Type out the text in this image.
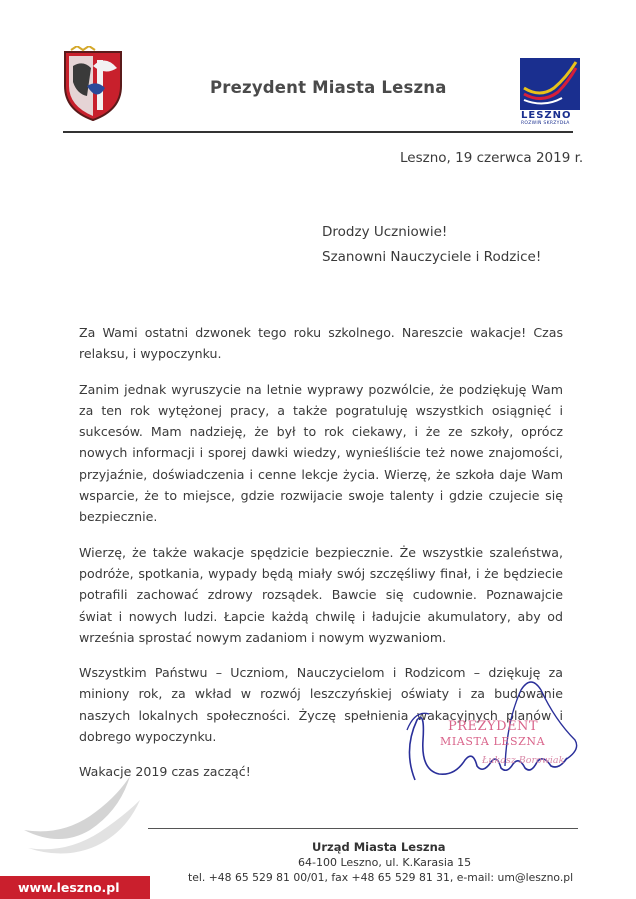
Prezydent Miasta Leszna
LESZNO
ROZWIŃ SKRZYDŁA
Leszno, 19 czerwca 2019 r.
Drodzy Uczniowie!
Szanowni Nauczyciele i Rodzice!

Za Wami ostatni dzwonek tego roku szkolnego. Nareszcie wakacje! Czas relaksu, i wypoczynku.

Zanim jednak wyruszycie na letnie wyprawy pozwólcie, że podziękuję Wam za ten rok wytężonej pracy, a także pogratuluję wszystkich osiągnięć i sukcesów. Mam nadzieję, że był to rok ciekawy, i że ze szkoły, oprócz nowych informacji i sporej dawki wiedzy, wynieśliście też nowe znajomości, przyjaźnie, doświadczenia i cenne lekcje życia. Wierzę, że szkoła daje Wam wsparcie, że to miejsce, gdzie rozwijacie swoje talenty i gdzie czujecie się bezpiecznie.

Wierzę, że także wakacje spędzicie bezpiecznie. Że wszystkie szaleństwa, podróże, spotkania, wypady będą miały swój szczęśliwy finał, i że będziecie potrafili zachować zdrowy rozsądek. Bawcie się cudownie. Poznawajcie świat i nowych ludzi. Łapcie każdą chwilę i ładujcie akumulatory, aby od września sprostać nowym zadaniom i nowym wyzwaniom.

Wszystkim Państwu – Uczniom, Nauczycielom i Rodzicom – dziękuję za miniony rok, za wkład w rozwój leszczyńskiej oświaty i za budowanie naszych lokalnych społeczności. Życzę spełnienia wakacyjnych planów i dobrego wypoczynku.

Wakacje 2019 czas zacząć!

PREZYDENT
MIASTA LESZNA
Łukasz Borowiak
Urząd Miasta Leszna
64-100 Leszno, ul. K.Karasia 15
tel. +48 65 529 81 00/01, fax +48 65 529 81 31, e-mail: um@leszno.pl
www.leszno.pl
